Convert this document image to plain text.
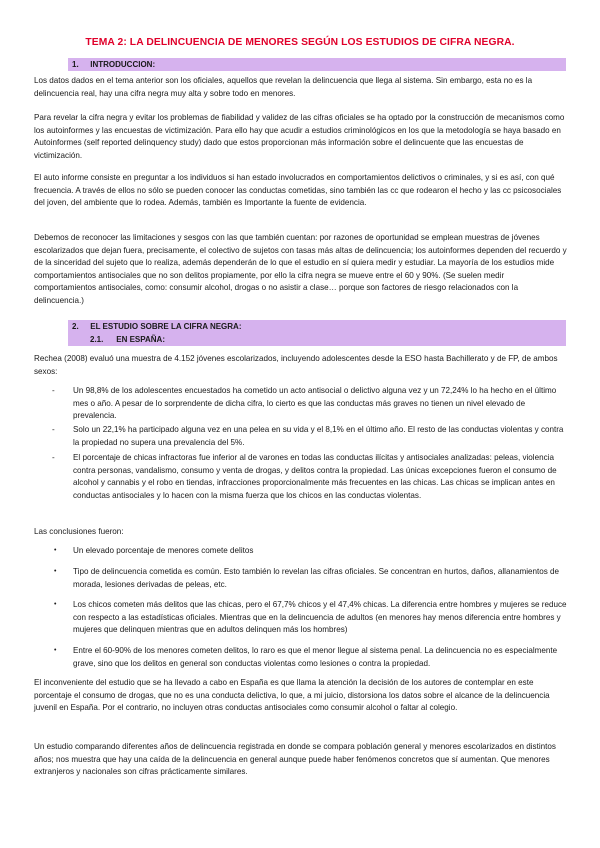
TEMA 2: LA DELINCUENCIA DE MENORES SEGÚN LOS ESTUDIOS DE CIFRA NEGRA.
1. INTRODUCCION:

Los datos dados en el tema anterior son los oficiales, aquellos que revelan la delincuencia que llega al sistema. Sin embargo, esta no es la delincuencia real, hay una cifra negra muy alta y sobre todo en menores.

Para revelar la cifra negra y evitar los problemas de fiabilidad y validez de las cifras oficiales se ha optado por la construcción de mecanismos como los autoinformes y las encuestas de victimización. Para ello hay que acudir a estudios criminológicos en los que la metodología se haya basado en Autoinformes (self reported delinquency study) dado que estos proporcionan más información sobre el delincuente que las encuestas de victimización.

El auto informe consiste en preguntar a los individuos si han estado involucrados en comportamientos delictivos o criminales, y si es así, con qué frecuencia. A través de ellos no sólo se pueden conocer las conductas cometidas, sino también las cc que rodearon el hecho y las cc psicosociales del joven, del ambiente que lo rodea. Además, también es Importante la fuente de evidencia.

Debemos de reconocer las limitaciones y sesgos con las que también cuentan: por razones de oportunidad se emplean muestras de jóvenes escolarizados que dejan fuera, precisamente, el colectivo de sujetos con tasas más altas de delincuencia; los autoinformes dependen del recuerdo y de la sinceridad del sujeto que lo realiza, además dependerán de lo que el estudio en sí quiera medir y estudiar. La mayoría de los estudios mide comportamientos antisociales que no son delitos propiamente, por ello la cifra negra se mueve entre el 60 y 90%. (Se suelen medir comportamientos antisociales, como: consumir alcohol, drogas o no asistir a clase… porque son factores de riesgo relacionados con la delincuencia.)

2. EL ESTUDIO SOBRE LA CIFRA NEGRA:
2.1. EN ESPAÑA:

Rechea (2008) evaluó una muestra de 4.152 jóvenes escolarizados, incluyendo adolescentes desde la ESO hasta Bachillerato y de FP, de ambos sexos:

- Un 98,8% de los adolescentes encuestados ha cometido un acto antisocial o delictivo alguna vez y un 72,24% lo ha hecho en el último mes o año. A pesar de lo sorprendente de dicha cifra, lo cierto es que las conductas más graves no tienen un nivel elevado de prevalencia.

- Solo un 22,1% ha participado alguna vez en una pelea en su vida y el 8,1% en el último año. El resto de las conductas violentas y contra la propiedad no supera una prevalencia del 5%.

- El porcentaje de chicas infractoras fue inferior al de varones en todas las conductas ilícitas y antisociales analizadas: peleas, violencia contra personas, vandalismo, consumo y venta de drogas, y delitos contra la propiedad. Las únicas excepciones fueron el consumo de alcohol y cannabis y el robo en tiendas, infracciones proporcionalmente más frecuentes en las chicas. Las chicas se implican antes en conductas antisociales y lo hacen con la misma fuerza que los chicos en las conductas violentas.

Las conclusiones fueron:

• Un elevado porcentaje de menores comete delitos

• Tipo de delincuencia cometida es común. Esto también lo revelan las cifras oficiales. Se concentran en hurtos, daños, allanamientos de morada, lesiones derivadas de peleas, etc.

• Los chicos cometen más delitos que las chicas, pero el 67,7% chicos y el 47,4% chicas. La diferencia entre hombres y mujeres se reduce con respecto a las estadísticas oficiales. Mientras que en la delincuencia de adultos (en menores hay menos diferencia entre hombres y mujeres que delinquen mientras que en adultos delinquen más los hombres)

• Entre el 60-90% de los menores cometen delitos, lo raro es que el menor llegue al sistema penal. La delincuencia no es especialmente grave, sino que los delitos en general son conductas violentas como lesiones o contra la propiedad.

El inconveniente del estudio que se ha llevado a cabo en España es que llama la atención la decisión de los autores de contemplar en este porcentaje el consumo de drogas, que no es una conducta delictiva, lo que, a mi juicio, distorsiona los datos sobre el alcance de la delincuencia juvenil en España. Por el contrario, no incluyen otras conductas antisociales como consumir alcohol o faltar al colegio.

Un estudio comparando diferentes años de delincuencia registrada en donde se compara población general y menores escolarizados en distintos años; nos muestra que hay una caída de la delincuencia en general aunque puede haber fenómenos concretos que sí aumentan. Que menores extranjeros y nacionales son cifras prácticamente similares.
